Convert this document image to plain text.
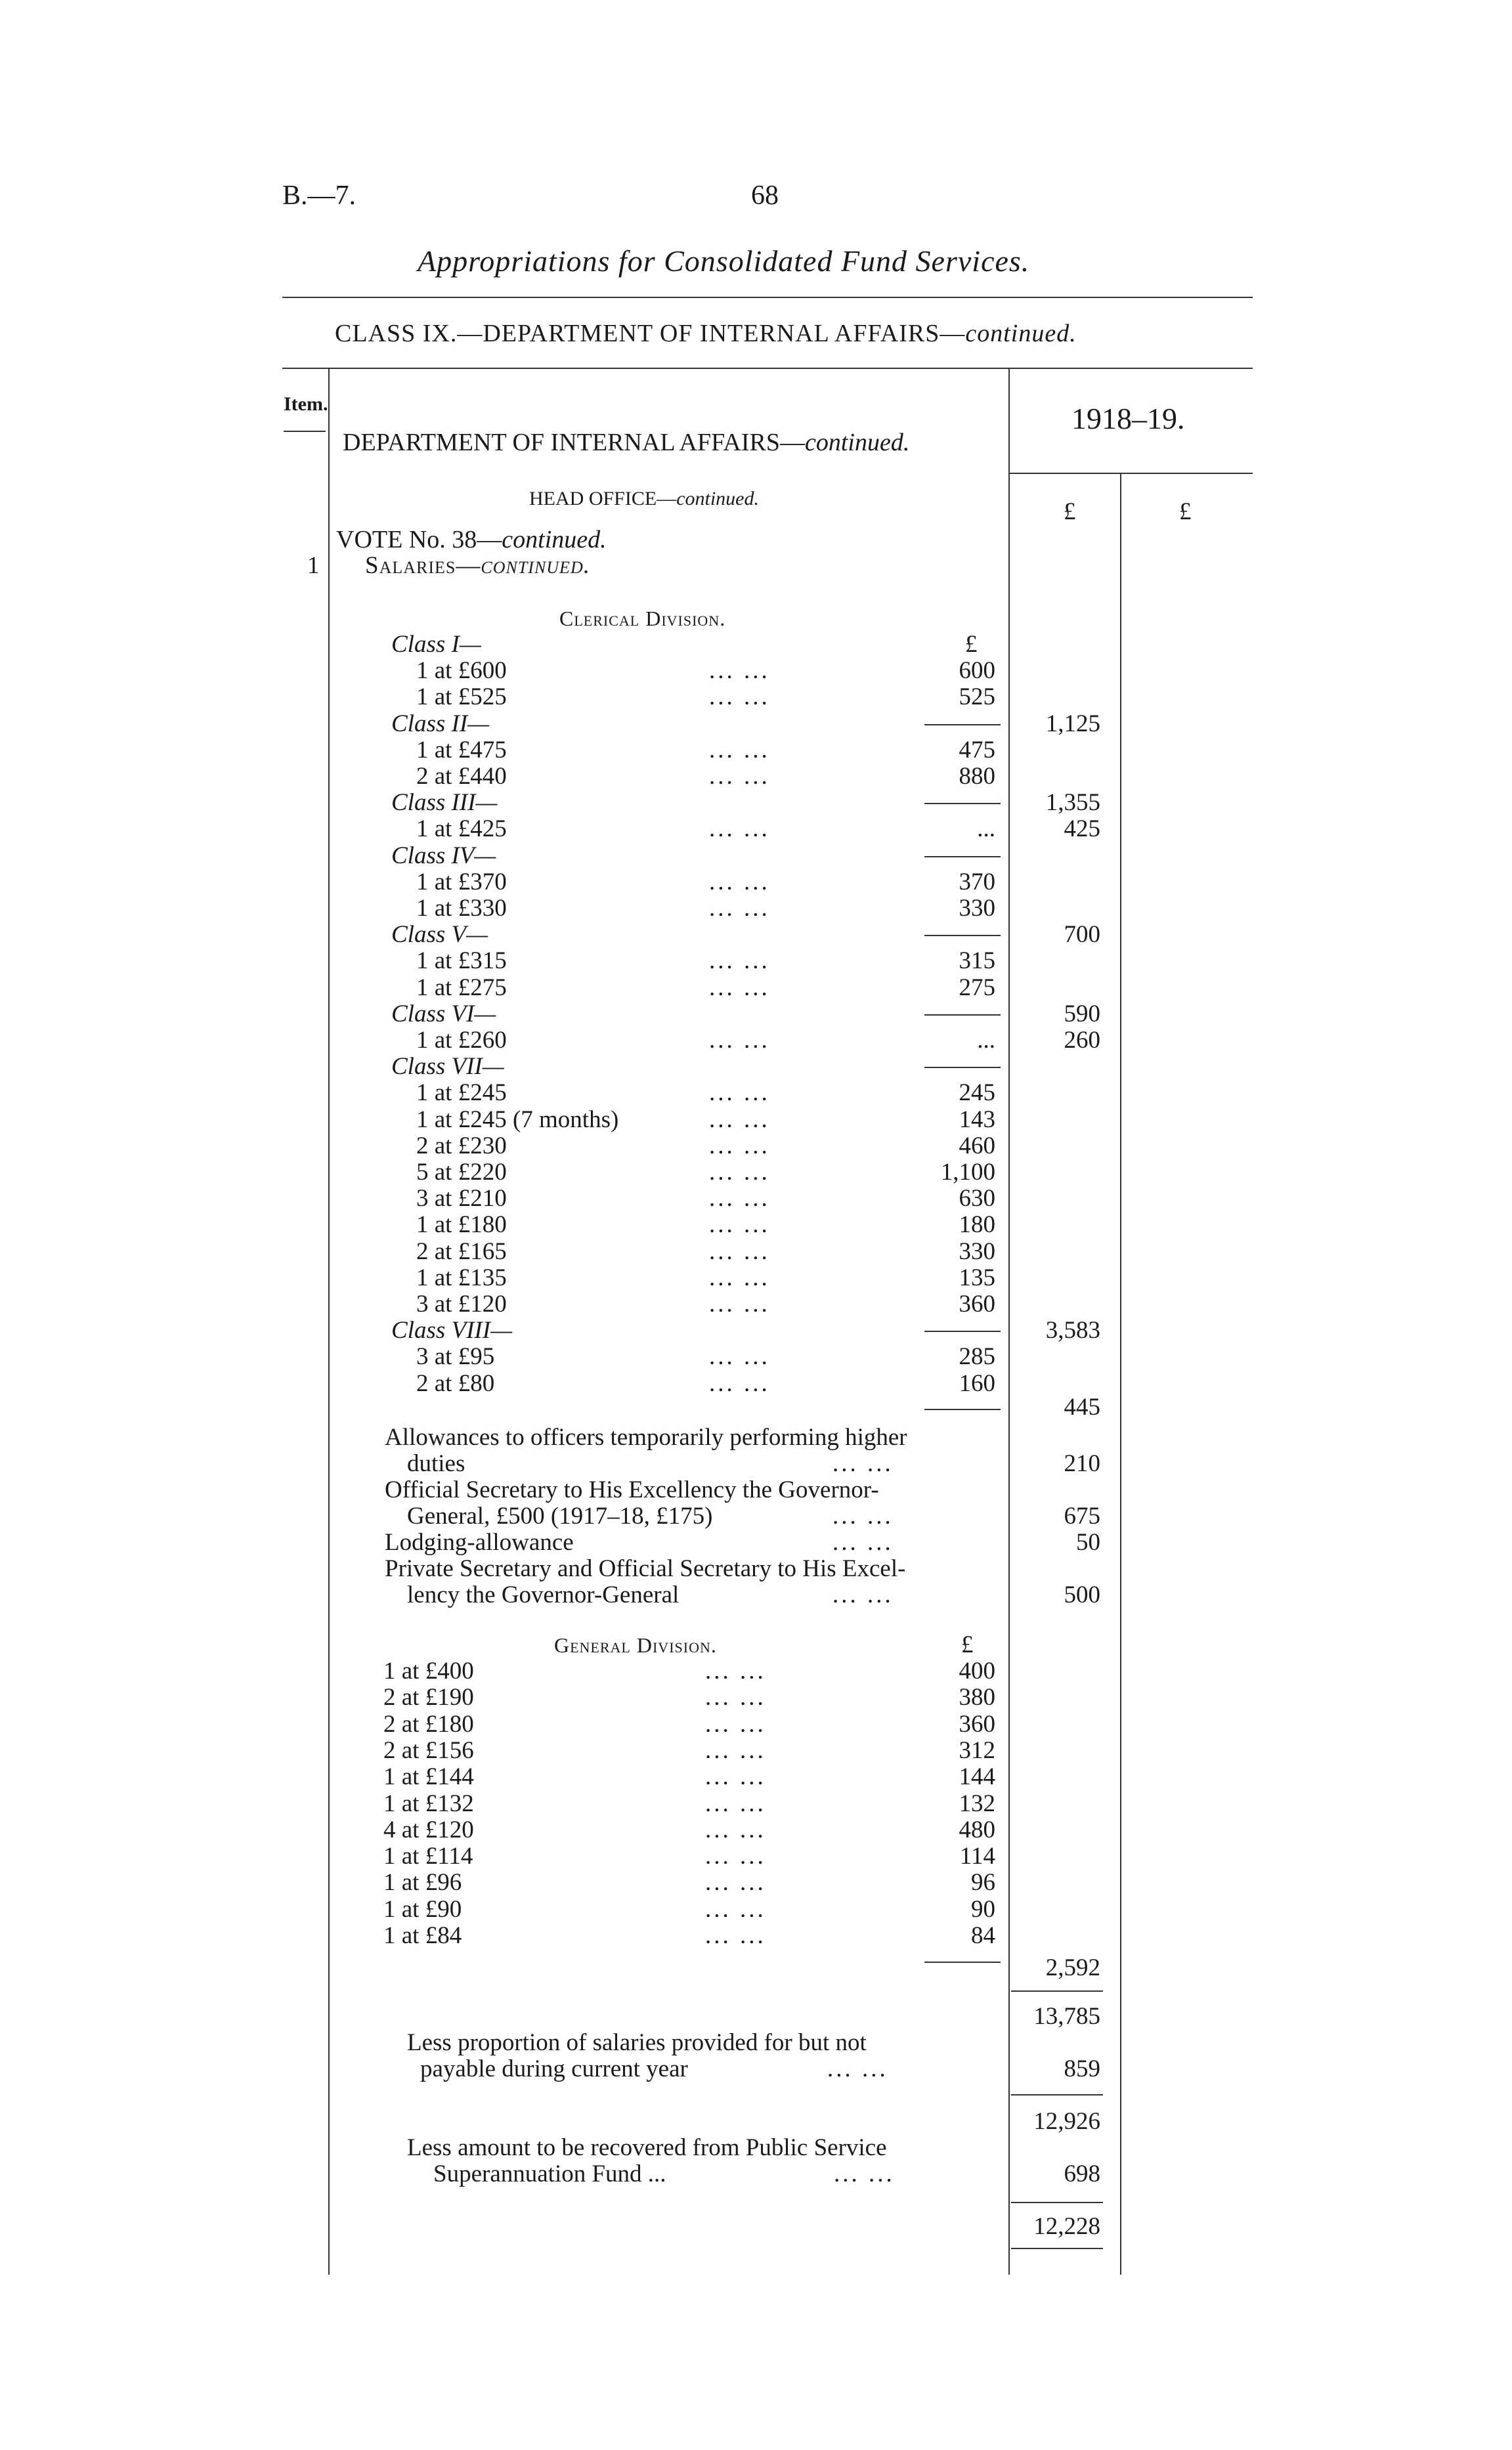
B.—7.	68
Appropriations for Consolidated Fund Services.
CLASS IX.—DEPARTMENT OF INTERNAL AFFAIRS—continued.
Item.
DEPARTMENT OF INTERNAL AFFAIRS—continued.
1918–19.
£	£
HEAD OFFICE—continued.
VOTE No. 38—continued.
1 Salaries—continued.
Clerical Division.
£
Class I—
1 at £600	... ...	600
1 at £525	... ...	525
Class II—	1,125
1 at £475	... ...	475
2 at £440	... ...	880
Class III—	1,355
1 at £425	... ...	...	425
Class IV—
1 at £370	... ...	370
1 at £330	... ...	330
Class V—	700
1 at £315	... ...	315
1 at £275	... ...	275
Class VI—	590
1 at £260	... ...	...	260
Class VII—
1 at £245	... ...	245
1 at £245 (7 months)	... ...	143
2 at £230	... ...	460
5 at £220	... ...	1,100
3 at £210	... ...	630
1 at £180	... ...	180
2 at £165	... ...	330
1 at £135	... ...	135
3 at £120	... ...	360
Class VIII—	3,583
3 at £95	... ...	285
2 at £80	... ...	160
445
Allowances to officers temporarily performing higher
duties	... ...	210
Official Secretary to His Excellency the Governor-
General, £500 (1917–18, £175)	... ...	675
Lodging-allowance	... ...	50
Private Secretary and Official Secretary to His Excel-
lency the Governor-General	... ...	500
General Division.	£
1 at £400	... ...	400
2 at £190	... ...	380
2 at £180	... ...	360
2 at £156	... ...	312
1 at £144	... ...	144
1 at £132	... ...	132
4 at £120	... ...	480
1 at £114	... ...	114
1 at £96	... ...	96
1 at £90	... ...	90
1 at £84	... ...	84
2,592
13,785
Less proportion of salaries provided for but not
payable during current year	... ...	859
12,926
Less amount to be recovered from Public Service
Superannuation Fund ...	... ...	698
12,228
